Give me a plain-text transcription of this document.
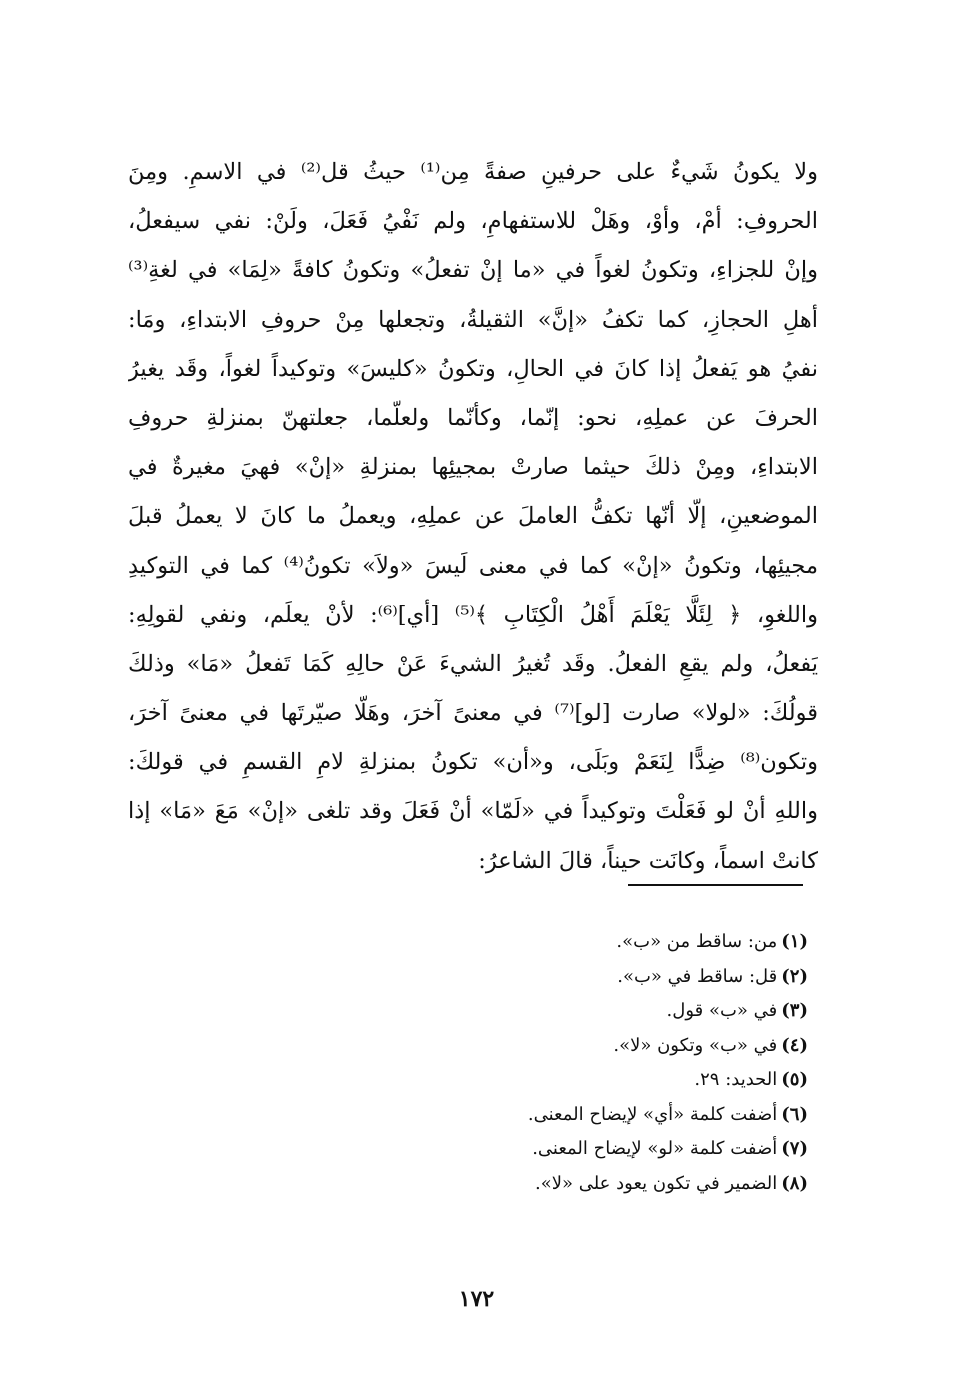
ولا يكونُ شَيءٌ على حرفينِ صفةً مِن⁽¹⁾ حيثُ قل⁽²⁾ في الاسمِ. ومِنَ
الحروفِ: أمْ، وأوْ، وهَلْ للاستفهامِ، ولم نَفْيُ فَعَلَ، ولَنْ: نفي سيفعلُ،
وإنْ للجزاءِ، وتكونُ لغواً في «ما إنْ تفعلُ» وتكونُ كافةً «لِمَا» في لغةِ⁽³⁾
أهلِ الحجازِ، كما تكفُ «إنَّ» الثقيلةُ، وتجعلها مِنْ حروفِ الابتداءِ، ومَا:
نفيُ هو يَفعلُ إذا كانَ في الحالِ، وتكونُ «كليسَ» وتوكيداً لغواً، وقَد يغيرُ
الحرفَ عن عملِهِ، نحو: إنّما، وكأنّما ولعلّما، جعلتهنّ بمنزلةِ حروفِ
الابتداءِ، ومِنْ ذلكَ حيثما صارتْ بمجيئِها بمنزلةِ «إنْ» فهيَ مغيرةٌ في
الموضعينِ، إلّا أنّها تكفُّ العاملَ عن عملِهِ، ويعملُ ما كانَ لا يعملُ قبلَ
مجيئِها، وتكونُ «إنْ» كما في معنى لَيسَ «ولاَ» تكونُ⁽⁴⁾ كما في التوكيدِ
واللغوِ، ﴿ لِئَلَّا يَعْلَمَ أَهْلُ الْكِتَابِ ﴾⁽⁵⁾ [أي]⁽⁶⁾: لأنْ يعلَم، ونفي لقولِهِ:
يَفعلُ، ولم يقعِ الفعلُ. وقَد تُغيرُ الشيءَ عَنْ حالِهِ كَمَا تَفعلُ «مَا» وذلكَ
قولُكَ: «لولا» صارت [لو]⁽⁷⁾ في معنىً آخرَ، وهَلّا صيّرتَها في معنىً آخرَ،
وتكون⁽⁸⁾ ضِدًّا لِنَعَمْ وبَلَى، و«أن» تكونُ بمنزلةِ لامِ القسمِ في قولكَ:
واللهِ أنْ لو فَعَلْتَ وتوكيداً في «لَمّا» أنْ فَعَلَ وقد تلغى «إنْ» مَعَ «مَا» إذا
كانتْ اسماً، وكانَت حيناً، قالَ الشاعرُ:
(١)من: ساقط من «ب».
(٢)قل: ساقط في «ب».
(٣)في «ب» قول.
(٤)في «ب» وتكون «لا».
(٥)الحديد: ٢٩.
(٦)أضفت كلمة «أي» لإيضاح المعنى.
(٧)أضفت كلمة «لو» لإيضاح المعنى.
(٨)الضمير في تكون يعود على «لا».
١٧٢
